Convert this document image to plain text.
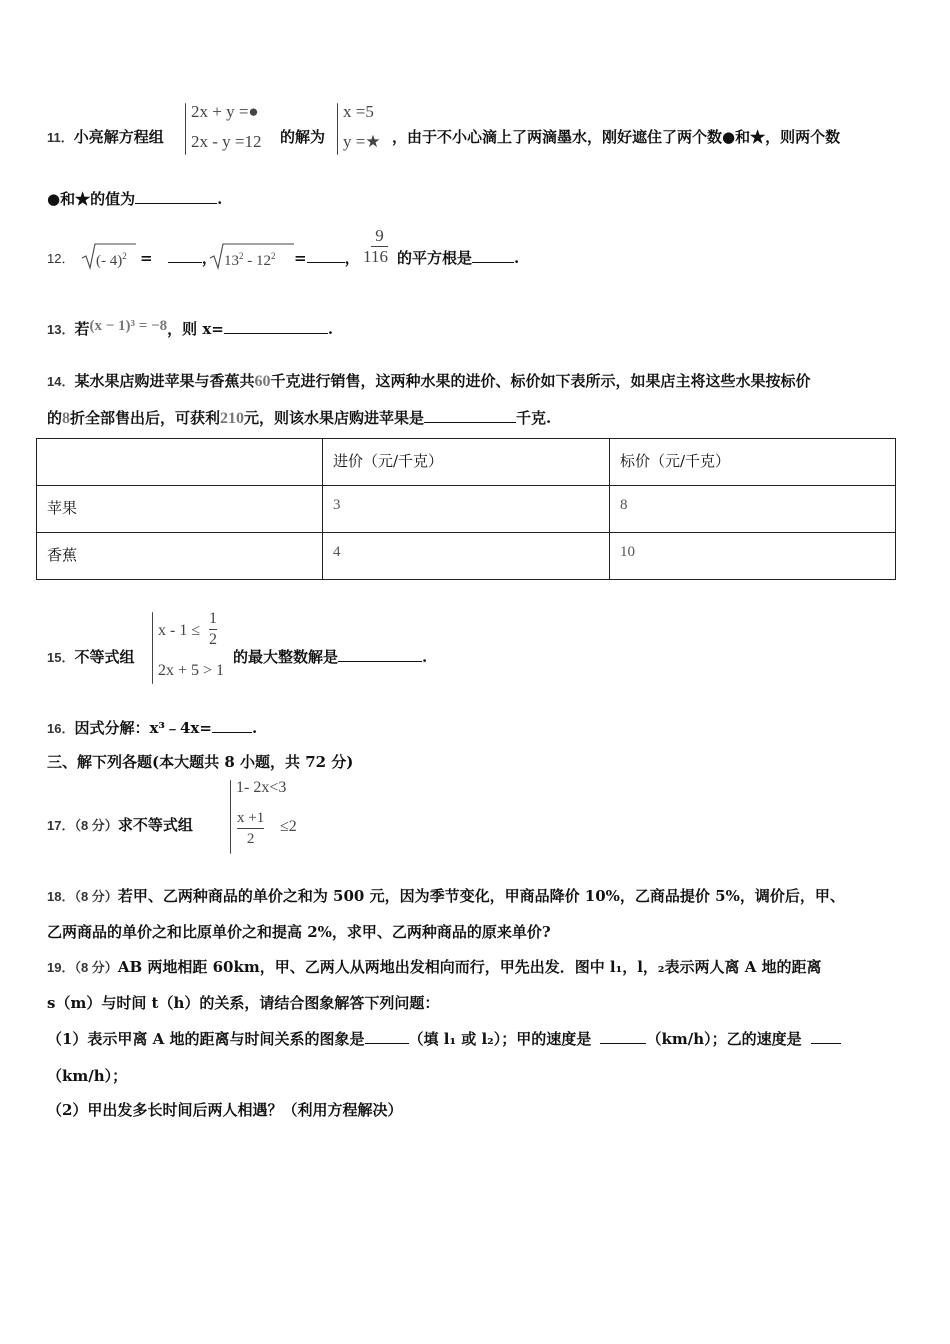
11．小亮解方程组
2x + y =●
2x - y =12 的解为
x =5
y =★ ，由于不小心滴上了两滴墨水，刚好遮住了两个数●和★，则两个数
●和★的值为	.
12． (- 4)$^2$ =	， $13^2 - 12^2$ =	， $1 \frac{9}{16}$ 的平方根是	.
13．若(x − 1)³ = −8，则 x=	.
14．某水果店购进苹果与香蕉共60千克进行销售，这两种水果的进价、标价如下表所示，如果店主将这些水果按标价
的8折全部售出后，可获利210元，则该水果店购进苹果是	千克.
	进价（元/千克）	标价（元/千克）
苹果	3	8
香蕉	4	10
15．不等式组
$x - 1 \le \frac{1}{2}$
2x + 5 > 1
的最大整数解是	.
16．因式分解：x³﹣4x=	.
三、解下列各题(本大题共 8 小题，共 72 分)
17．（8 分）求不等式组
1- 2x<3
$\frac{x +1}{2} \le 2$
18．（8 分）若甲、乙两种商品的单价之和为 500 元，因为季节变化，甲商品降价 10%，乙商品提价 5%，调价后，甲、
乙两商品的单价之和比原单价之和提高 2%，求甲、乙两种商品的原来单价?
19．（8 分）AB 两地相距 60km，甲、乙两人从两地出发相向而行，甲先出发．图中 l₁，l，₂表示两人离 A 地的距离
s（m）与时间 t（h）的关系，请结合图象解答下列问题：
（1）表示甲离 A 地的距离与时间关系的图象是	（填 l₁ 或 l₂）；甲的速度是	（km/h）；乙的速度是
（km/h）；
（2）甲出发多长时间后两人相遇？（利用方程解决）
